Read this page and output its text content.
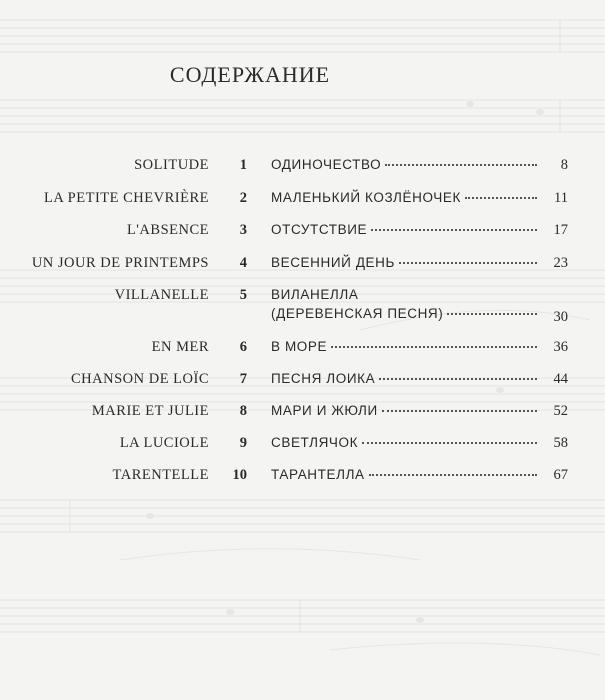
СОДЕРЖАНИЕ
SOLITUDE	1 ОДИНОЧЕСТВО	8
LA PETITE CHEVRIÈRE	2 МАЛЕНЬКИЙ КОЗЛЁНОЧЕК	11
L'ABSENCE	3 ОТСУТСТВИЕ	17
UN JOUR DE PRINTEMPS	4 ВЕСЕННИЙ ДЕНЬ	23
VILLANELLE	5 ВИЛАНЕЛЛА
(ДЕРЕВЕНСКАЯ ПЕСНЯ)	30
EN MER	6 В МОРЕ	36
CHANSON DE LOÏC	7 ПЕСНЯ ЛОИКА	44
MARIE ET JULIE	8 МАРИ И ЖЮЛИ	52
LA LUCIOLE	9 СВЕТЛЯЧОК	58
TARENTELLE	10 ТАРАНТЕЛЛА	67
